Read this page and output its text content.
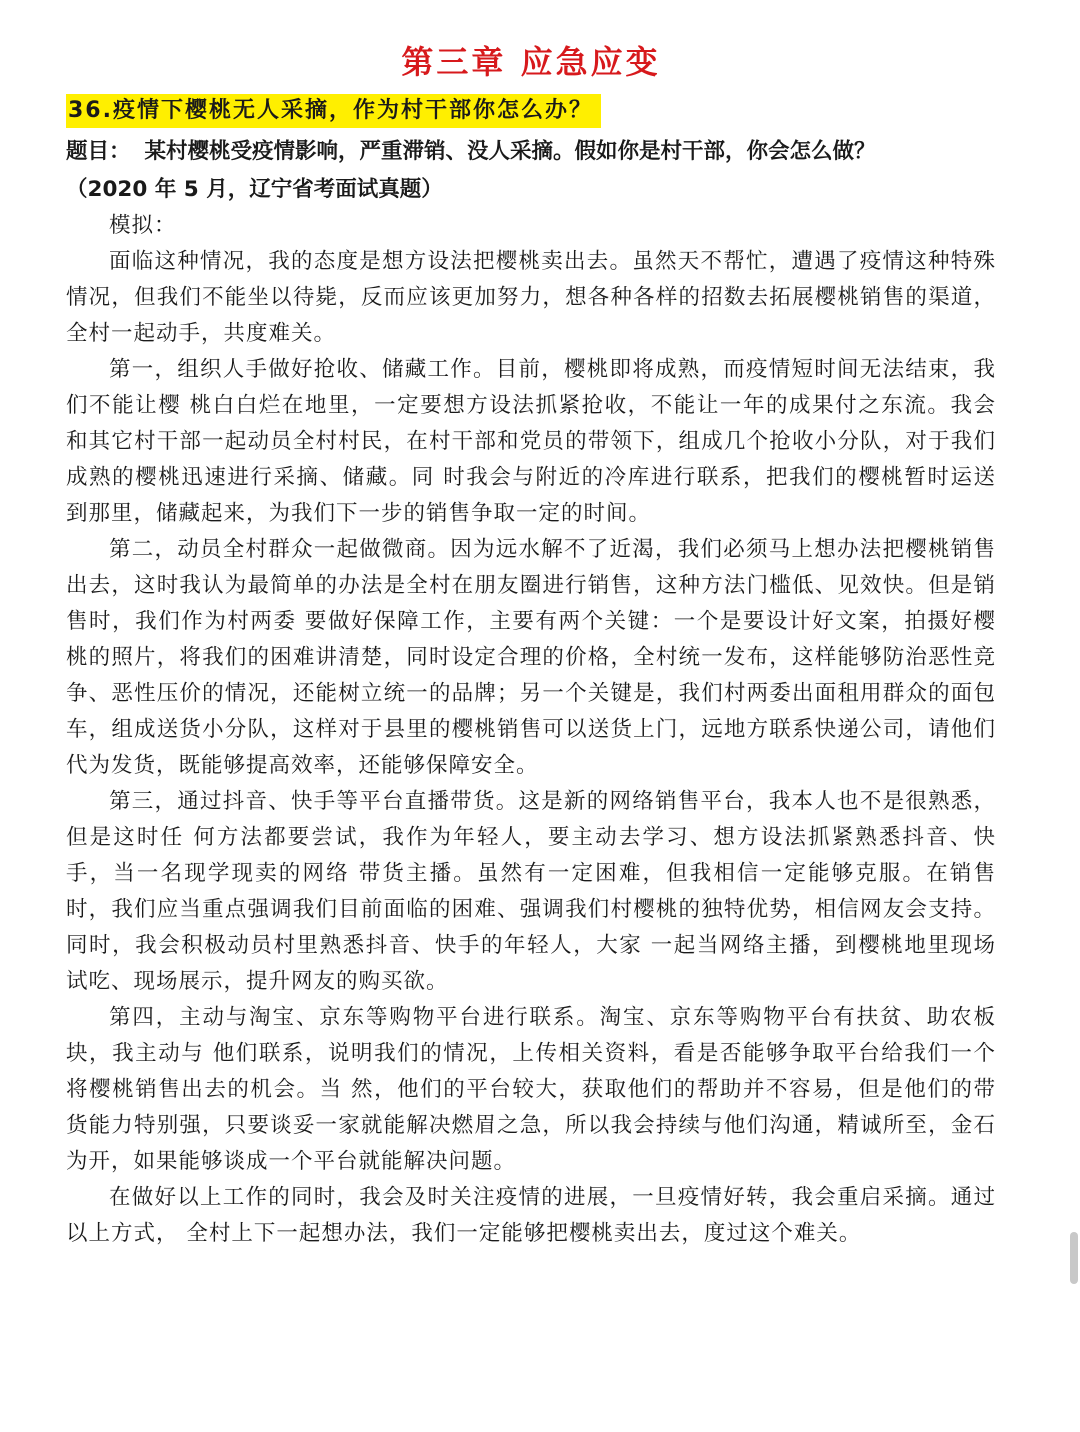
第三章 应急应变
36.疫情下樱桃无人采摘，作为村干部你怎么办？
题目： 某村樱桃受疫情影响，严重滞销、没人采摘。假如你是村干部，你会怎么做？
（2020 年 5 月，辽宁省考面试真题）

模拟：

面临这种情况，我的态度是想方设法把樱桃卖出去。虽然天不帮忙，遭遇了疫情这种特殊情况，但我们不能坐以待毙，反而应该更加努力，想各种各样的招数去拓展樱桃销售的渠道，全村一起动手，共度难关。

第一，组织人手做好抢收、储藏工作。目前，樱桃即将成熟，而疫情短时间无法结束，我们不能让樱 桃白白烂在地里，一定要想方设法抓紧抢收，不能让一年的成果付之东流。我会和其它村干部一起动员全村村民，在村干部和党员的带领下，组成几个抢收小分队，对于我们成熟的樱桃迅速进行采摘、储藏。同 时我会与附近的冷库进行联系，把我们的樱桃暂时运送到那里，储藏起来，为我们下一步的销售争取一定的时间。

第二，动员全村群众一起做微商。因为远水解不了近渴，我们必须马上想办法把樱桃销售出去，这时我认为最简单的办法是全村在朋友圈进行销售，这种方法门槛低、见效快。但是销售时，我们作为村两委 要做好保障工作，主要有两个关键：一个是要设计好文案，拍摄好樱桃的照片，将我们的困难讲清楚，同时设定合理的价格，全村统一发布，这样能够防治恶性竞争、恶性压价的情况，还能树立统一的品牌；另一个关键是，我们村两委出面租用群众的面包车，组成送货小分队，这样对于县里的樱桃销售可以送货上门，远地方联系快递公司，请他们代为发货，既能够提高效率，还能够保障安全。

第三，通过抖音、快手等平台直播带货。这是新的网络销售平台，我本人也不是很熟悉，但是这时任 何方法都要尝试，我作为年轻人，要主动去学习、想方设法抓紧熟悉抖音、快手，当一名现学现卖的网络 带货主播。虽然有一定困难，但我相信一定能够克服。在销售时，我们应当重点强调我们目前面临的困难、强调我们村樱桃的独特优势，相信网友会支持。同时，我会积极动员村里熟悉抖音、快手的年轻人，大家 一起当网络主播，到樱桃地里现场试吃、现场展示，提升网友的购买欲。

第四，主动与淘宝、京东等购物平台进行联系。淘宝、京东等购物平台有扶贫、助农板块，我主动与 他们联系，说明我们的情况，上传相关资料，看是否能够争取平台给我们一个将樱桃销售出去的机会。当 然，他们的平台较大，获取他们的帮助并不容易，但是他们的带货能力特别强，只要谈妥一家就能解决燃眉之急，所以我会持续与他们沟通，精诚所至，金石为开，如果能够谈成一个平台就能解决问题。

在做好以上工作的同时，我会及时关注疫情的进展，一旦疫情好转，我会重启采摘。通过以上方式， 全村上下一起想办法，我们一定能够把樱桃卖出去，度过这个难关。
